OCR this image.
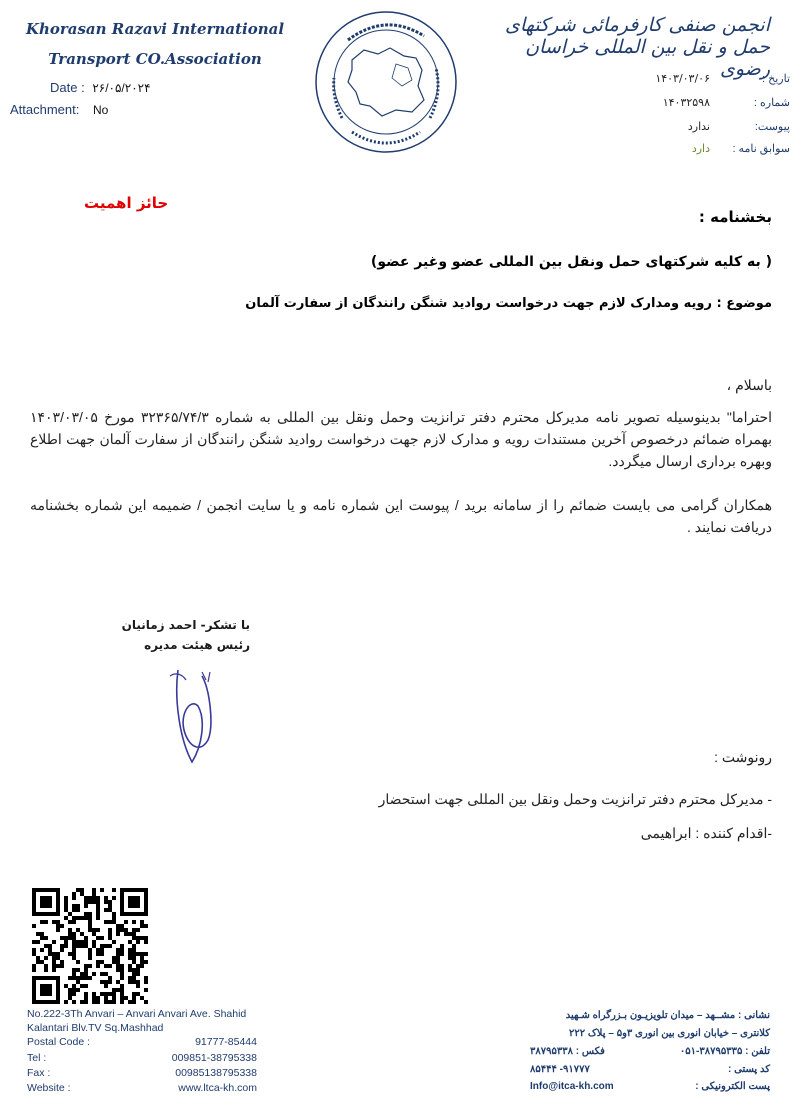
Khorasan Razavi International
Transport CO.Association
Date : ۲۶/۰۵/۲۰۲۴
Attachment: No
انجمن صنفی کارفرمائی شرکتهای حمل و نقل بین المللی خراسان رضوی
تاریخ :
۱۴۰۳/۰۳/۰۶
شماره :
۱۴۰۳۲۵۹۸
پیوست:
ندارد
سوابق نامه :
دارد
حائز اهمیت
بخشنامه :
( به کلیه شرکتهای حمل ونقل بین المللی عضو وغیر عضو)
موضوع : رویه ومدارک لازم جهت درخواست روادید شنگن رانندگان از سفارت آلمان
باسلام ،
احتراما" بدینوسیله تصویر نامه مدیرکل محترم دفتر ترانزیت وحمل ونقل بین المللی به شماره ۳۲۳۶۵/۷۴/۳ مورخ ۱۴۰۳/۰۳/۰۵ بهمراه ضمائم درخصوص آخرین مستندات رویه و مدارک لازم جهت درخواست روادید شنگن رانندگان از سفارت آلمان جهت اطلاع وبهره برداری ارسال میگردد.
همکاران گرامی می بایست ضمائم را از سامانه برید / پیوست این شماره نامه و یا سایت انجمن / ضمیمه این شماره بخشنامه دریافت نمایند .
با تشکر- احمد زمانیان
رئیس هیئت مدیره
رونوشت :
- مدیرکل محترم دفتر ترانزیت وحمل ونقل بین المللی جهت استحضار
-اقدام کننده : ابراهیمی
No.222-3Th Anvari – Anvari Anvari Ave. Shahid
Kalantari Blv.TV Sq.Mashhad
Postal Code :	91777-85444
Tel :	009851-38795338
Fax :	00985138795338
Website :	www.ltca-kh.com
نشانی : مشــهد – میدان تلویزیـون بـزرگراه شـهید
کلانتری – خیابان انوری بین انوری ۳و۵ – پلاک ۲۲۲
تلفن : ۳۸۷۹۵۳۳۵-۰۵۱
فکس : ۳۸۷۹۵۳۳۸
کد پستی :
۹۱۷۷۷- ۸۵۴۴۴
پست الکترونیکی :
Info@itca-kh.com
